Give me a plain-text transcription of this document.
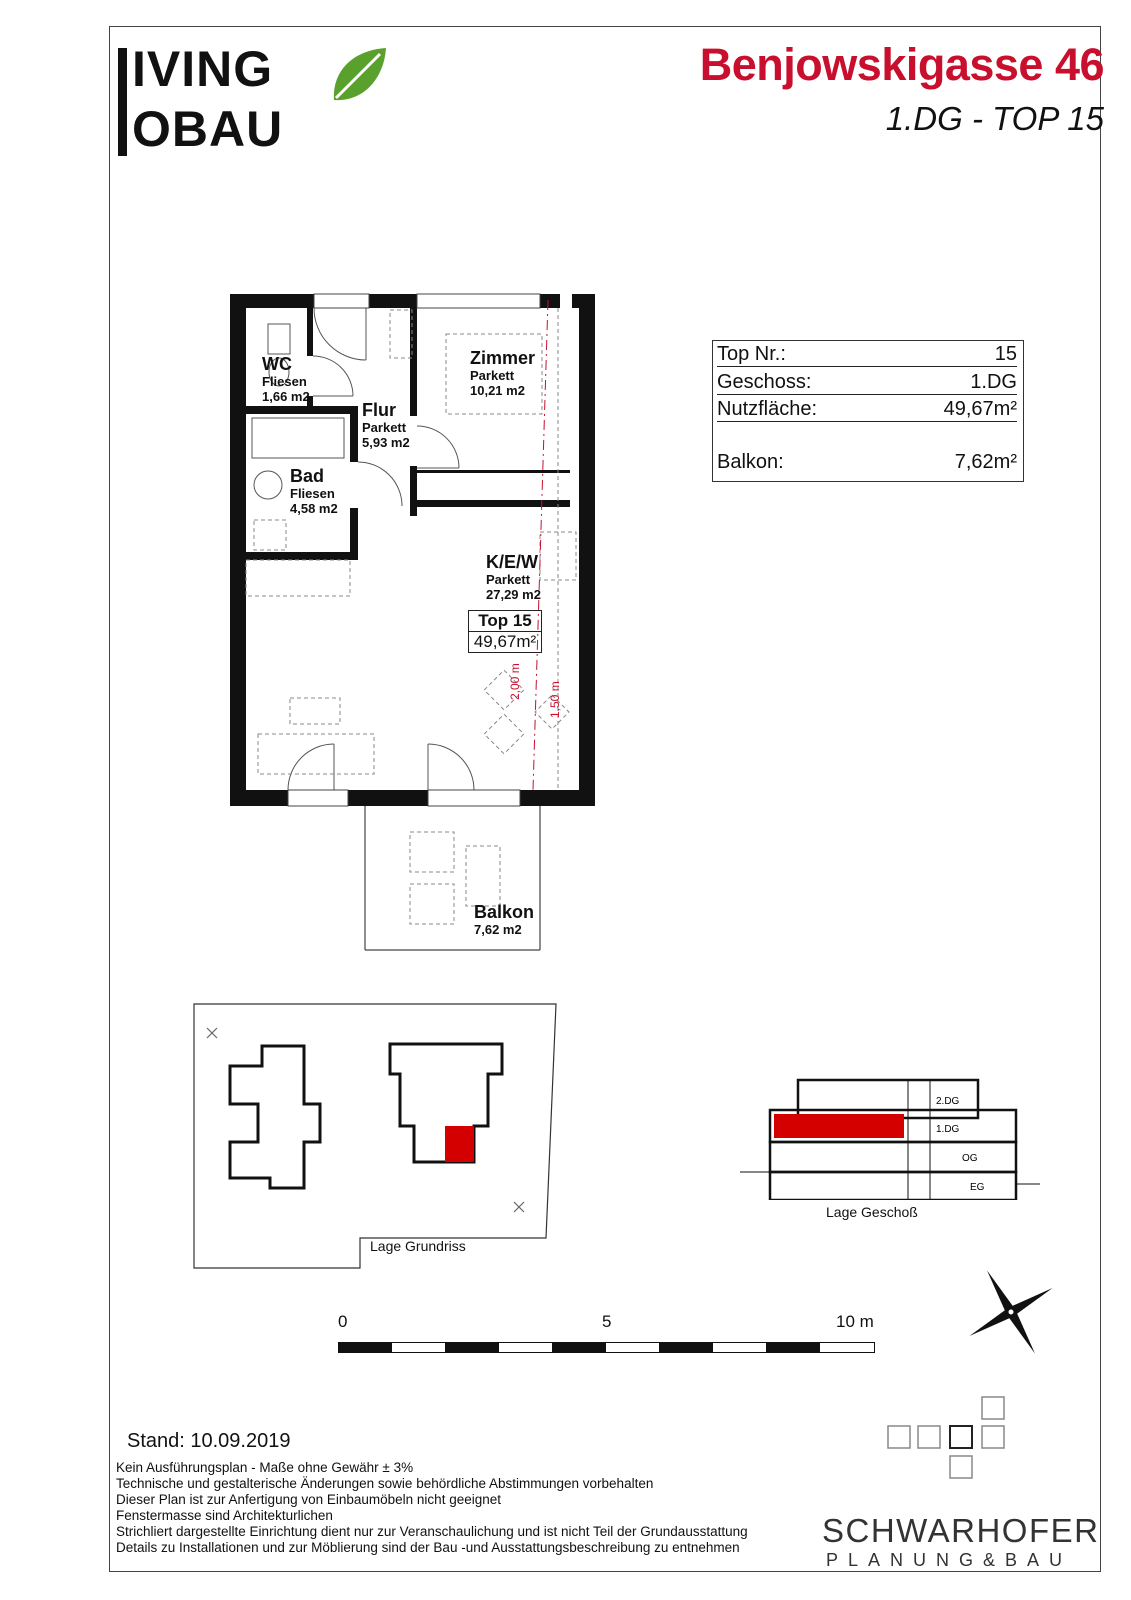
IVING
OBAU
Benjowskigasse 46
1.DG - TOP 15
Top Nr.:	15
Geschoss:	1.DG
Nutzfläche:	49,67m²
Balkon:	7,62m²
WC
Fliesen
1,66 m2
Flur
Parkett
5,93 m2
Zimmer
Parkett
10,21 m2
Bad
Fliesen
4,58 m2
K/E/W
Parkett
27,29 m2
Top 15
49,67m²
Balkon
7,62 m2
2,00 m 1,50 m
Lage Grundriss
2.DG
1.DG
OG
EG
Lage Geschoß
0	5	10 m
Stand: 10.09.2019
Kein Ausführungsplan - Maße ohne Gewähr ± 3%
Technische und gestalterische Änderungen sowie behördliche Abstimmungen vorbehalten
Dieser Plan ist zur Anfertigung von Einbaumöbeln nicht geeignet
Fenstermasse sind Architekturlichen
Strichliert dargestellte Einrichtung dient nur zur Veranschaulichung und ist nicht Teil der Grundausstattung
Details zu Installationen und zur Möblierung sind der Bau -und Ausstattungsbeschreibung zu entnehmen	SCHWARHOFER
PLANUNG&BAU
